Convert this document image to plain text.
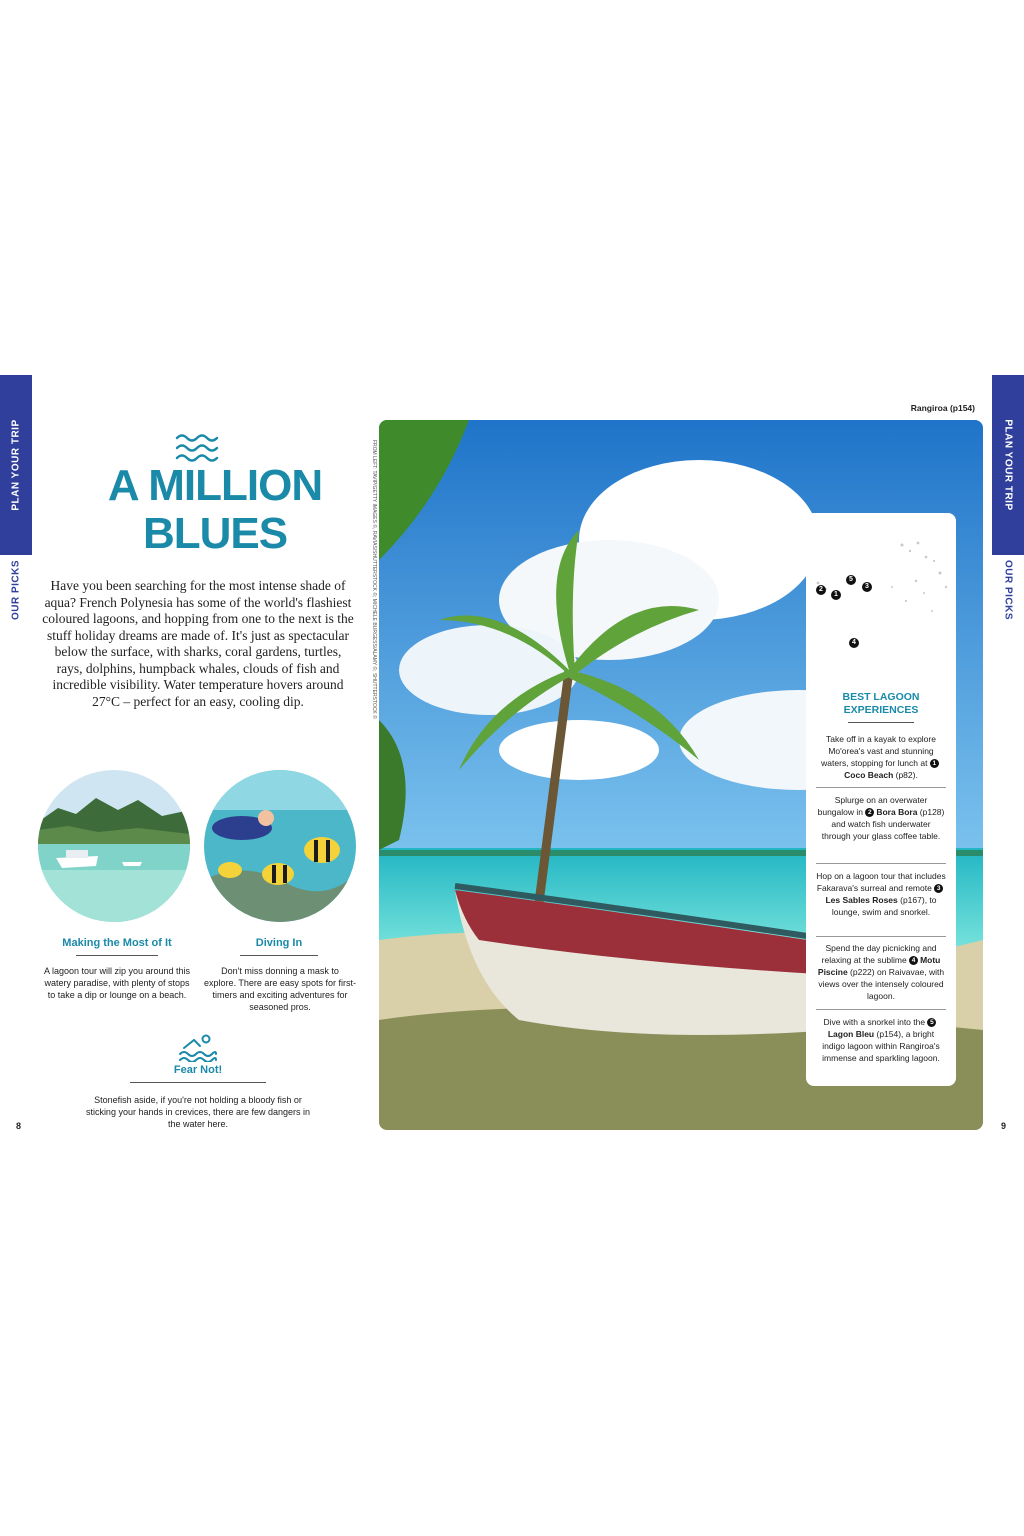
PLAN YOUR TRIP
OUR PICKS
PLAN YOUR TRIP
OUR PICKS
A MILLION
BLUES
Have you been searching for the most intense shade of aqua? French Polynesia has some of the world's flashiest coloured lagoons, and hopping from one to the next is the stuff holiday dreams are made of. It's just as spectacular below the surface, with sharks, coral gardens, turtles, rays, dolphins, humpback whales, clouds of fish and incredible visibility. Water temperature hovers around 27°C – perfect for an easy, cooling dip.
Making the Most of It
A lagoon tour will zip you around this watery paradise, with plenty of stops to take a dip or lounge on a beach.
Diving In
Don't miss donning a mask to explore. There are easy spots for first-timers and exciting adventures for seasoned pros.
Fear Not!
Stonefish aside, if you're not holding a bloody fish or sticking your hands in crevices, there are few dangers in the water here.
8	9
FROM LEFT: TAVIP/GETTY IMAGES ©, RAVIAS/SHUTTERSTOCK ©; MICHELE BURGESS/ALAMY ©; SHUTTERSTOCK ©
Rangiroa (p154)
1
2	3
4
5
BEST LAGOON
EXPERIENCES
Take off in a kayak to explore Mo'orea's vast and stunning waters, stopping for lunch at 1Coco Beach (p82).
Splurge on an overwater bungalow in 2 Bora Bora (p128) and watch fish underwater through your glass coffee table.
Hop on a lagoon tour that includes Fakarava's surreal and remote 3Les Sables Roses (p167), to lounge, swim and snorkel.
Spend the day picnicking and relaxing at the sublime 4 Motu Piscine (p222) on Raivavae, with views over the intensely coloured lagoon.
Dive with a snorkel into the 5Lagon Bleu (p154), a bright indigo lagoon within Rangiroa's immense and sparkling lagoon.
